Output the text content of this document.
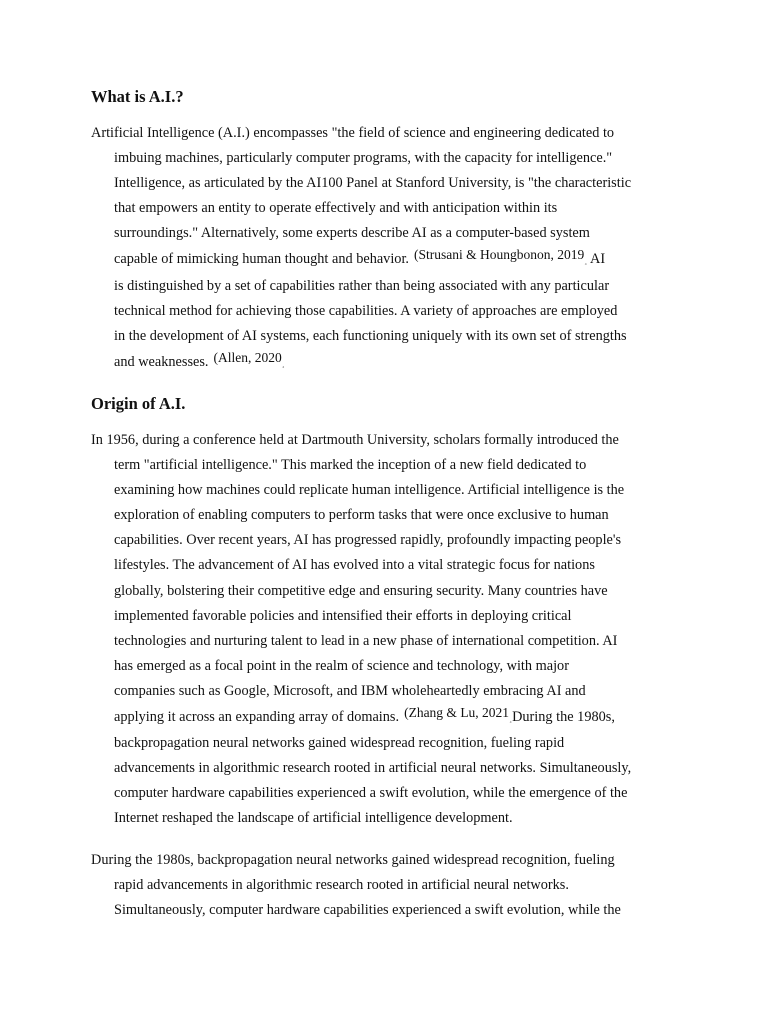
What is A.I.?
Artificial Intelligence (A.I.) encompasses "the field of science and engineering dedicated to
imbuing machines, particularly computer programs, with the capacity for intelligence."
Intelligence, as articulated by the AI100 Panel at Stanford University, is "the characteristic
that empowers an entity to operate effectively and with anticipation within its
surroundings." Alternatively, some experts describe AI as a computer-based system
capable of mimicking human thought and behavior. (Strusani & Houngbonon, 2019¸ AI
is distinguished by a set of capabilities rather than being associated with any particular
technical method for achieving those capabilities. A variety of approaches are employed
in the development of AI systems, each functioning uniquely with its own set of strengths
and weaknesses. (Allen, 2020¸
Origin of A.I.
In 1956, during a conference held at Dartmouth University, scholars formally introduced the
term "artificial intelligence." This marked the inception of a new field dedicated to
examining how machines could replicate human intelligence. Artificial intelligence is the
exploration of enabling computers to perform tasks that were once exclusive to human
capabilities. Over recent years, AI has progressed rapidly, profoundly impacting people's
lifestyles. The advancement of AI has evolved into a vital strategic focus for nations
globally, bolstering their competitive edge and ensuring security. Many countries have
implemented favorable policies and intensified their efforts in deploying critical
technologies and nurturing talent to lead in a new phase of international competition. AI
has emerged as a focal point in the realm of science and technology, with major
companies such as Google, Microsoft, and IBM wholeheartedly embracing AI and
applying it across an expanding array of domains. (Zhang & Lu, 2021¸During the 1980s,
backpropagation neural networks gained widespread recognition, fueling rapid
advancements in algorithmic research rooted in artificial neural networks. Simultaneously,
computer hardware capabilities experienced a swift evolution, while the emergence of the
Internet reshaped the landscape of artificial intelligence development.
During the 1980s, backpropagation neural networks gained widespread recognition, fueling
rapid advancements in algorithmic research rooted in artificial neural networks.
Simultaneously, computer hardware capabilities experienced a swift evolution, while the
